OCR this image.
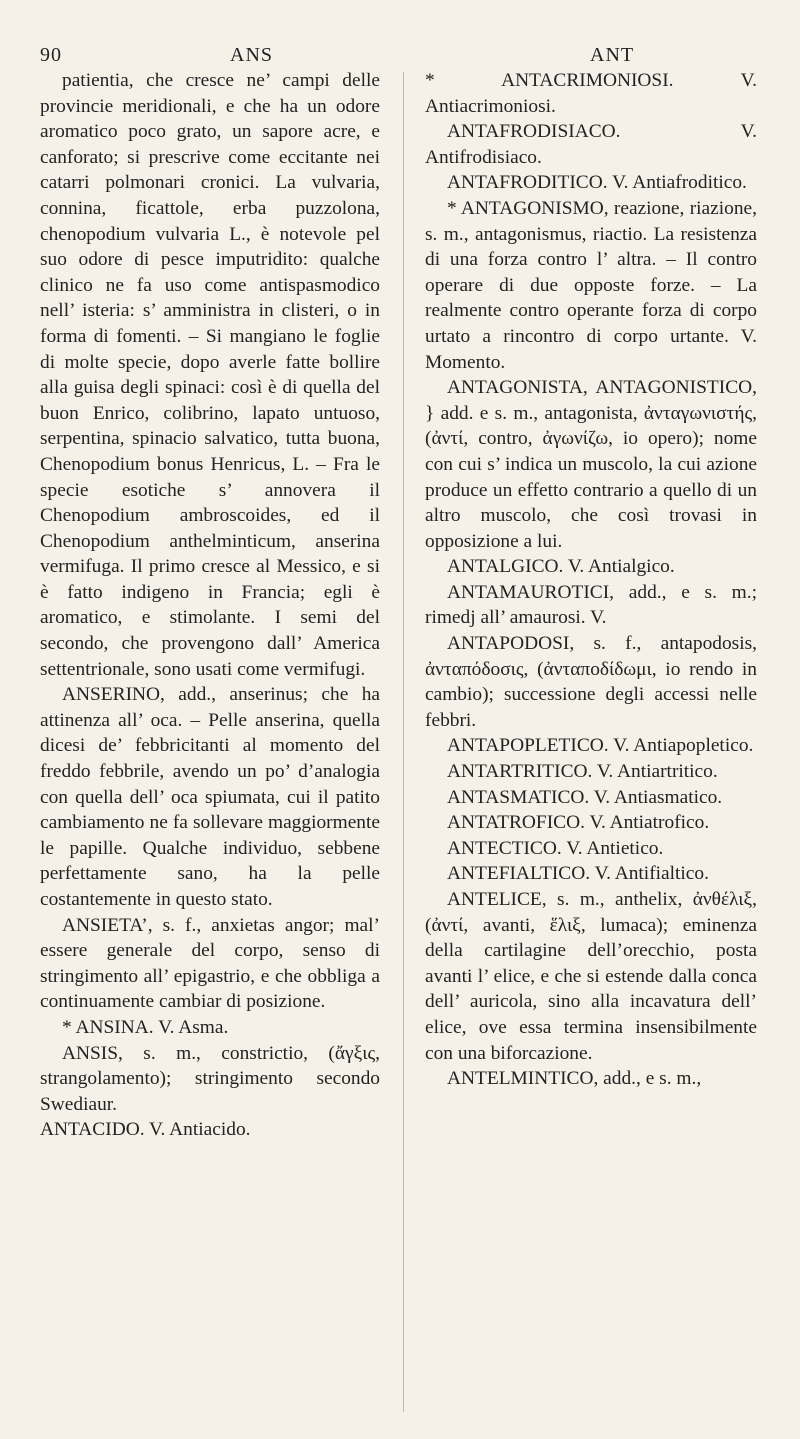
90	ANS	ANT

patientia, che cresce ne’ campi delle provincie meridionali, e che ha un odore aromatico poco grato, un sapore acre, e canforato; si prescrive come eccitante nei catarri polmonari cronici. La vulvaria, connina, ficattole, erba puzzolona, chenopodium vulvaria L., è notevole pel suo odore di pesce imputridito: qualche clinico ne fa uso come antispasmodico nell’ isteria: s’ amministra in clisteri, o in forma di fomenti. – Si mangiano le foglie di molte specie, dopo averle fatte bollire alla guisa degli spinaci: così è di quella del buon Enrico, colibrino, lapato untuoso, serpentina, spinacio salvatico, tutta buona, Chenopodium bonus Henricus, L. – Fra le specie esotiche s’ annovera il Chenopodium ambroscoides, ed il Chenopodium anthelminticum, anserina vermifuga. Il primo cresce al Messico, e si è fatto indigeno in Francia; egli è aromatico, e stimolante. I semi del secondo, che provengono dall’ America settentrionale, sono usati come vermifugi.

ANSERINO, add., anserinus; che ha attinenza all’ oca. – Pelle anserina, quella dicesi de’ febbricitanti al momento del freddo febbrile, avendo un po’ d’analogia con quella dell’ oca spiumata, cui il patito cambiamento ne fa sollevare maggiormente le papille. Qualche individuo, sebbene perfettamente sano, ha la pelle costantemente in questo stato.

ANSIETA’, s. f., anxietas angor; mal’ essere generale del corpo, senso di stringimento all’ epigastrio, e che obbliga a continuamente cambiar di posizione.

* ANSINA. V. Asma.

ANSIS, s. m., constrictio, (ἄγξις, strangolamento); stringimento secondo Swediaur.

ANTACIDO. V. Antiacido.

* ANTACRIMONIOSI. V. Antiacrimoniosi.

ANTAFRODISIACO. V. Antifrodisiaco.

ANTAFRODITICO. V. Antiafroditico.

* ANTAGONISMO, reazione, riazione, s. m., antagonismus, riactio. La resistenza di una forza contro l’ altra. – Il contro operare di due opposte forze. – La realmente contro operante forza di corpo urtato a rincontro di corpo urtante. V. Momento.

ANTAGONISTA, ANTAGONISTICO, } add. e s. m., antagonista, ἀνταγωνιστής, (ἀντί, contro, ἀγωνίζω, io opero); nome con cui s’ indica un muscolo, la cui azione produce un effetto contrario a quello di un altro muscolo, che così trovasi in opposizione a lui.

ANTALGICO. V. Antialgico.

ANTAMAUROTICI, add., e s. m.; rimedj all’ amaurosi. V.

ANTAPODOSI, s. f., antapodosis, ἀνταπόδοσις, (ἀνταποδίδωμι, io rendo in cambio); successione degli accessi nelle febbri.

ANTAPOPLETICO. V. Antiapopletico.

ANTARTRITICO. V. Antiartritico.

ANTASMATICO. V. Antiasmatico.

ANTATROFICO. V. Antiatrofico.

ANTECTICO. V. Antietico.

ANTEFIALTICO. V. Antifialtico.

ANTELICE, s. m., anthelix, ἀνθέλιξ, (ἀντί, avanti, ἕλιξ, lumaca); eminenza della cartilagine dell’orecchio, posta avanti l’ elice, e che si estende dalla conca dell’ auricola, sino alla incavatura dell’ elice, ove essa termina insensibilmente con una biforcazione.

ANTELMINTICO, add., e s. m.,
